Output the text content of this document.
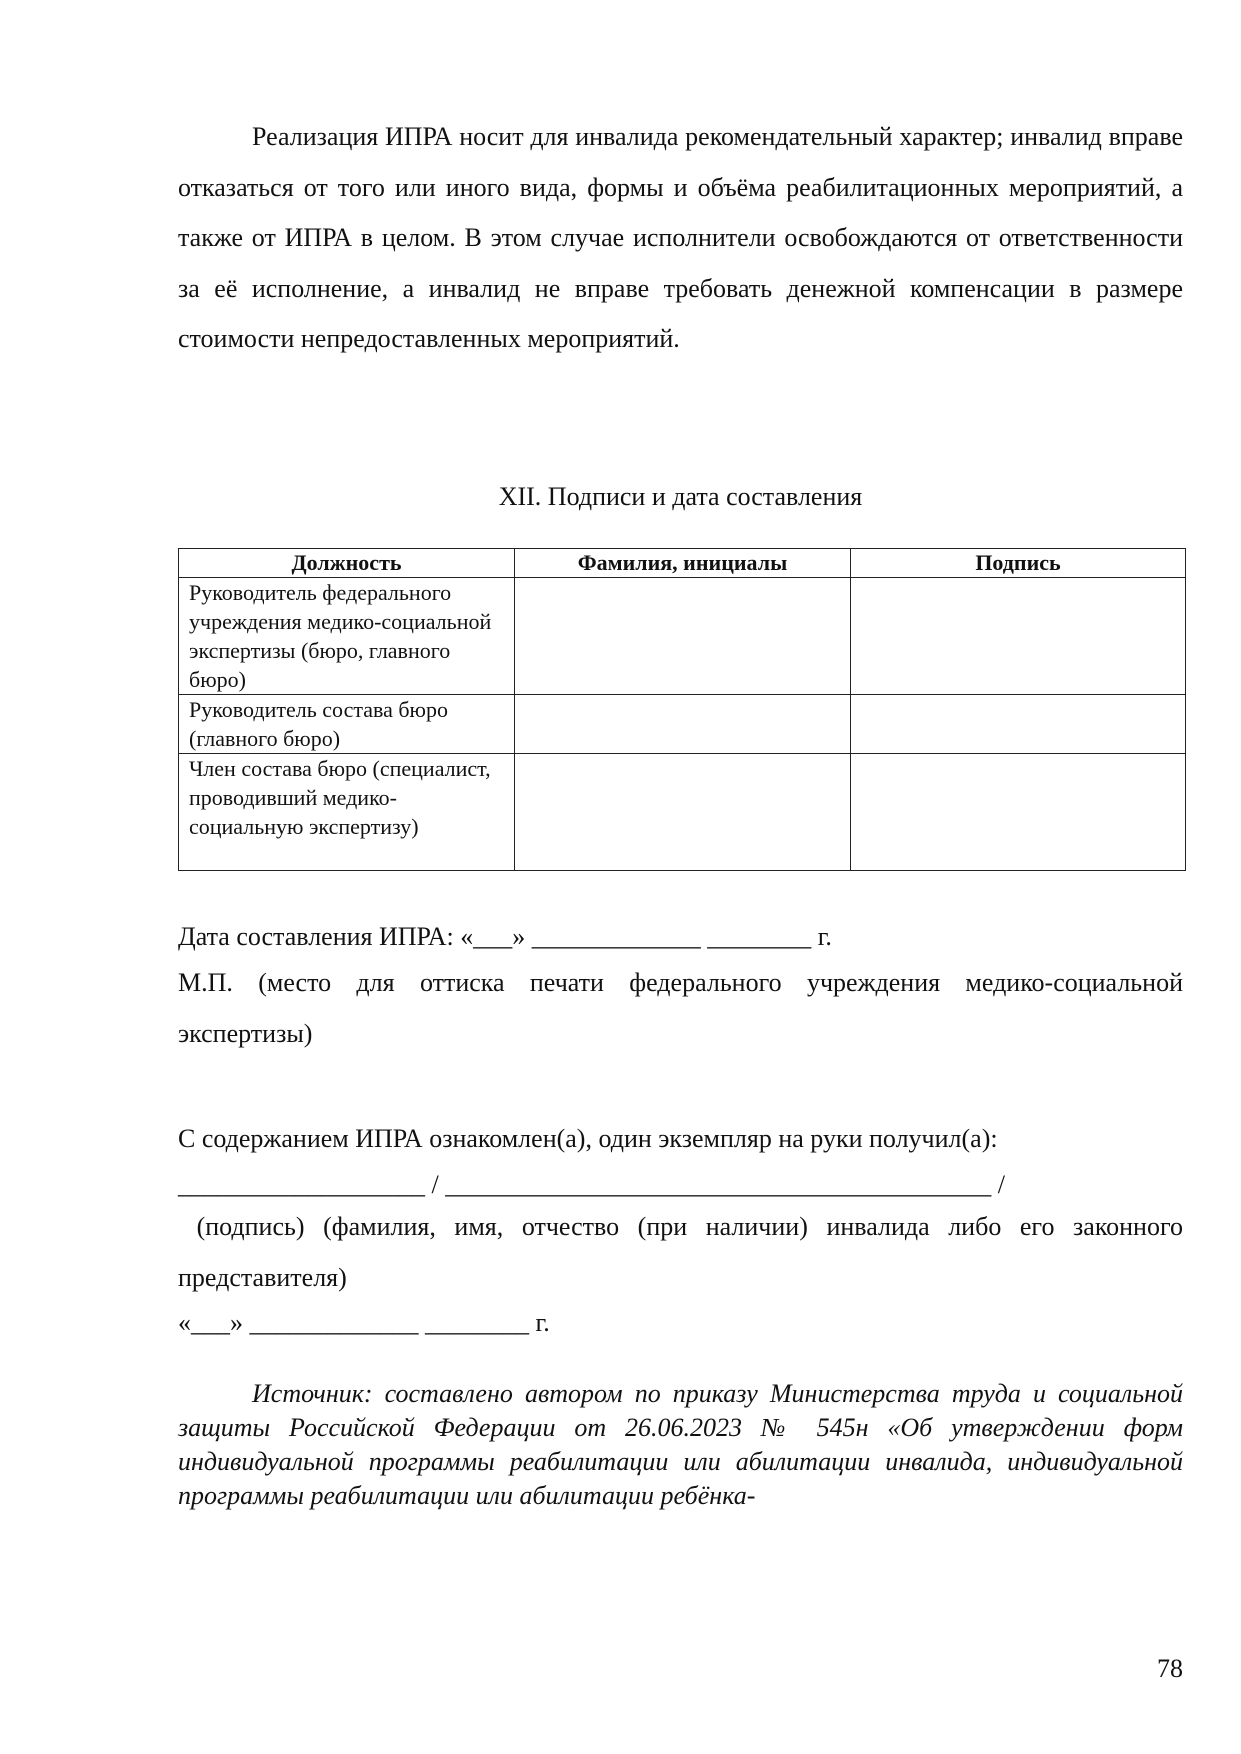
Реализация ИПРА носит для инвалида рекомендательный характер; инвалид вправе отказаться от того или иного вида, формы и объёма реабилитационных мероприятий, а также от ИПРА в целом. В этом случае исполнители освобождаются от ответственности за её исполнение, а инвалид не вправе требовать денежной компенсации в размере стоимости непредоставленных мероприятий.

XII. Подписи и дата составления

Должность	Фамилия, инициалы	Подпись
Руководитель федерального учреждения медико-социальной экспертизы (бюро, главного бюро)		
Руководитель состава бюро (главного бюро)		
Член состава бюро (специалист, проводивший медико-социальную экспертизу)		

Дата составления ИПРА: «___» _____________ ________ г.

М.П. (место для оттиска печати федерального учреждения медико-социальной экспертизы)

С содержанием ИПРА ознакомлен(а), один экземпляр на руки получил(а):

___________________ / __________________________________________ /

(подпись) (фамилия, имя, отчество (при наличии) инвалида либо его законного представителя)

«___» _____________ ________ г.

Источник: составлено автором по приказу Министерства труда и социальной защиты Российской Федерации от 26.06.2023 № 545н «Об утверждении форм индивидуальной программы реабилитации или абилитации инвалида, индивидуальной программы реабилитации или абилитации ребёнка-

78
